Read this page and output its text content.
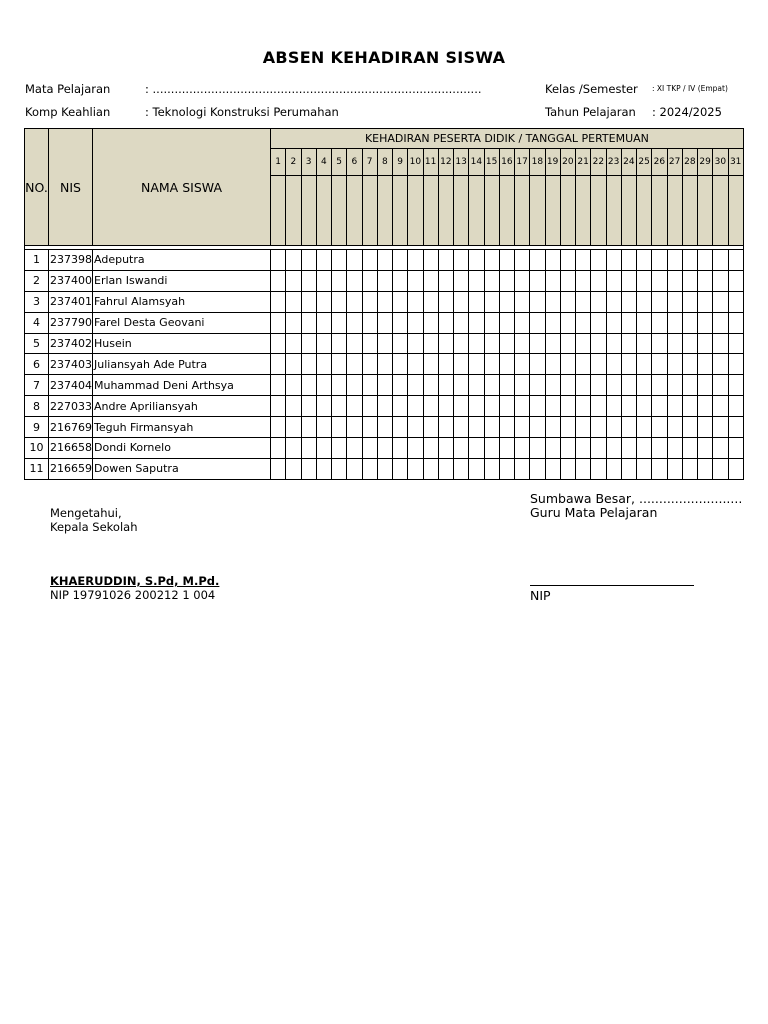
ABSEN KEHADIRAN SISWA
Mata Pelajaran	: ..........................................................................................
Komp Keahlian	: Teknologi Konstruksi Perumahan
Kelas /Semester : XI TKP / IV (Empat)
Tahun Pelajaran : 2024/2025
NO.	NIS	NAMA SISWA	KEHADIRAN PESERTA DIDIK / TANGGAL PERTEMUAN																														
			1	2	3	4	5	6	7	8	9	10	11	12	13	14	15	16	17	18	19	20	21	22	23	24	25	26	27	28	29	30	31

1	237398	Adeputra																															
2	237400	Erlan Iswandi																															
3	237401	Fahrul Alamsyah																															
4	237790	Farel Desta Geovani																															
5	237402	Husein																															
6	237403	Juliansyah Ade Putra																															
7	237404	Muhammad Deni Arthsya																															
8	227033	Andre Apriliansyah																															
9	216769	Teguh Firmansyah																															
10	216658	Dondi Kornelo																															
11	216659	Dowen Saputra																															
Mengetahui,
Kepala Sekolah
KHAERUDDIN, S.Pd, M.Pd.
NIP 19791026 200212 1 004
Sumbawa Besar, ..........................
Guru Mata Pelajaran
NIP
